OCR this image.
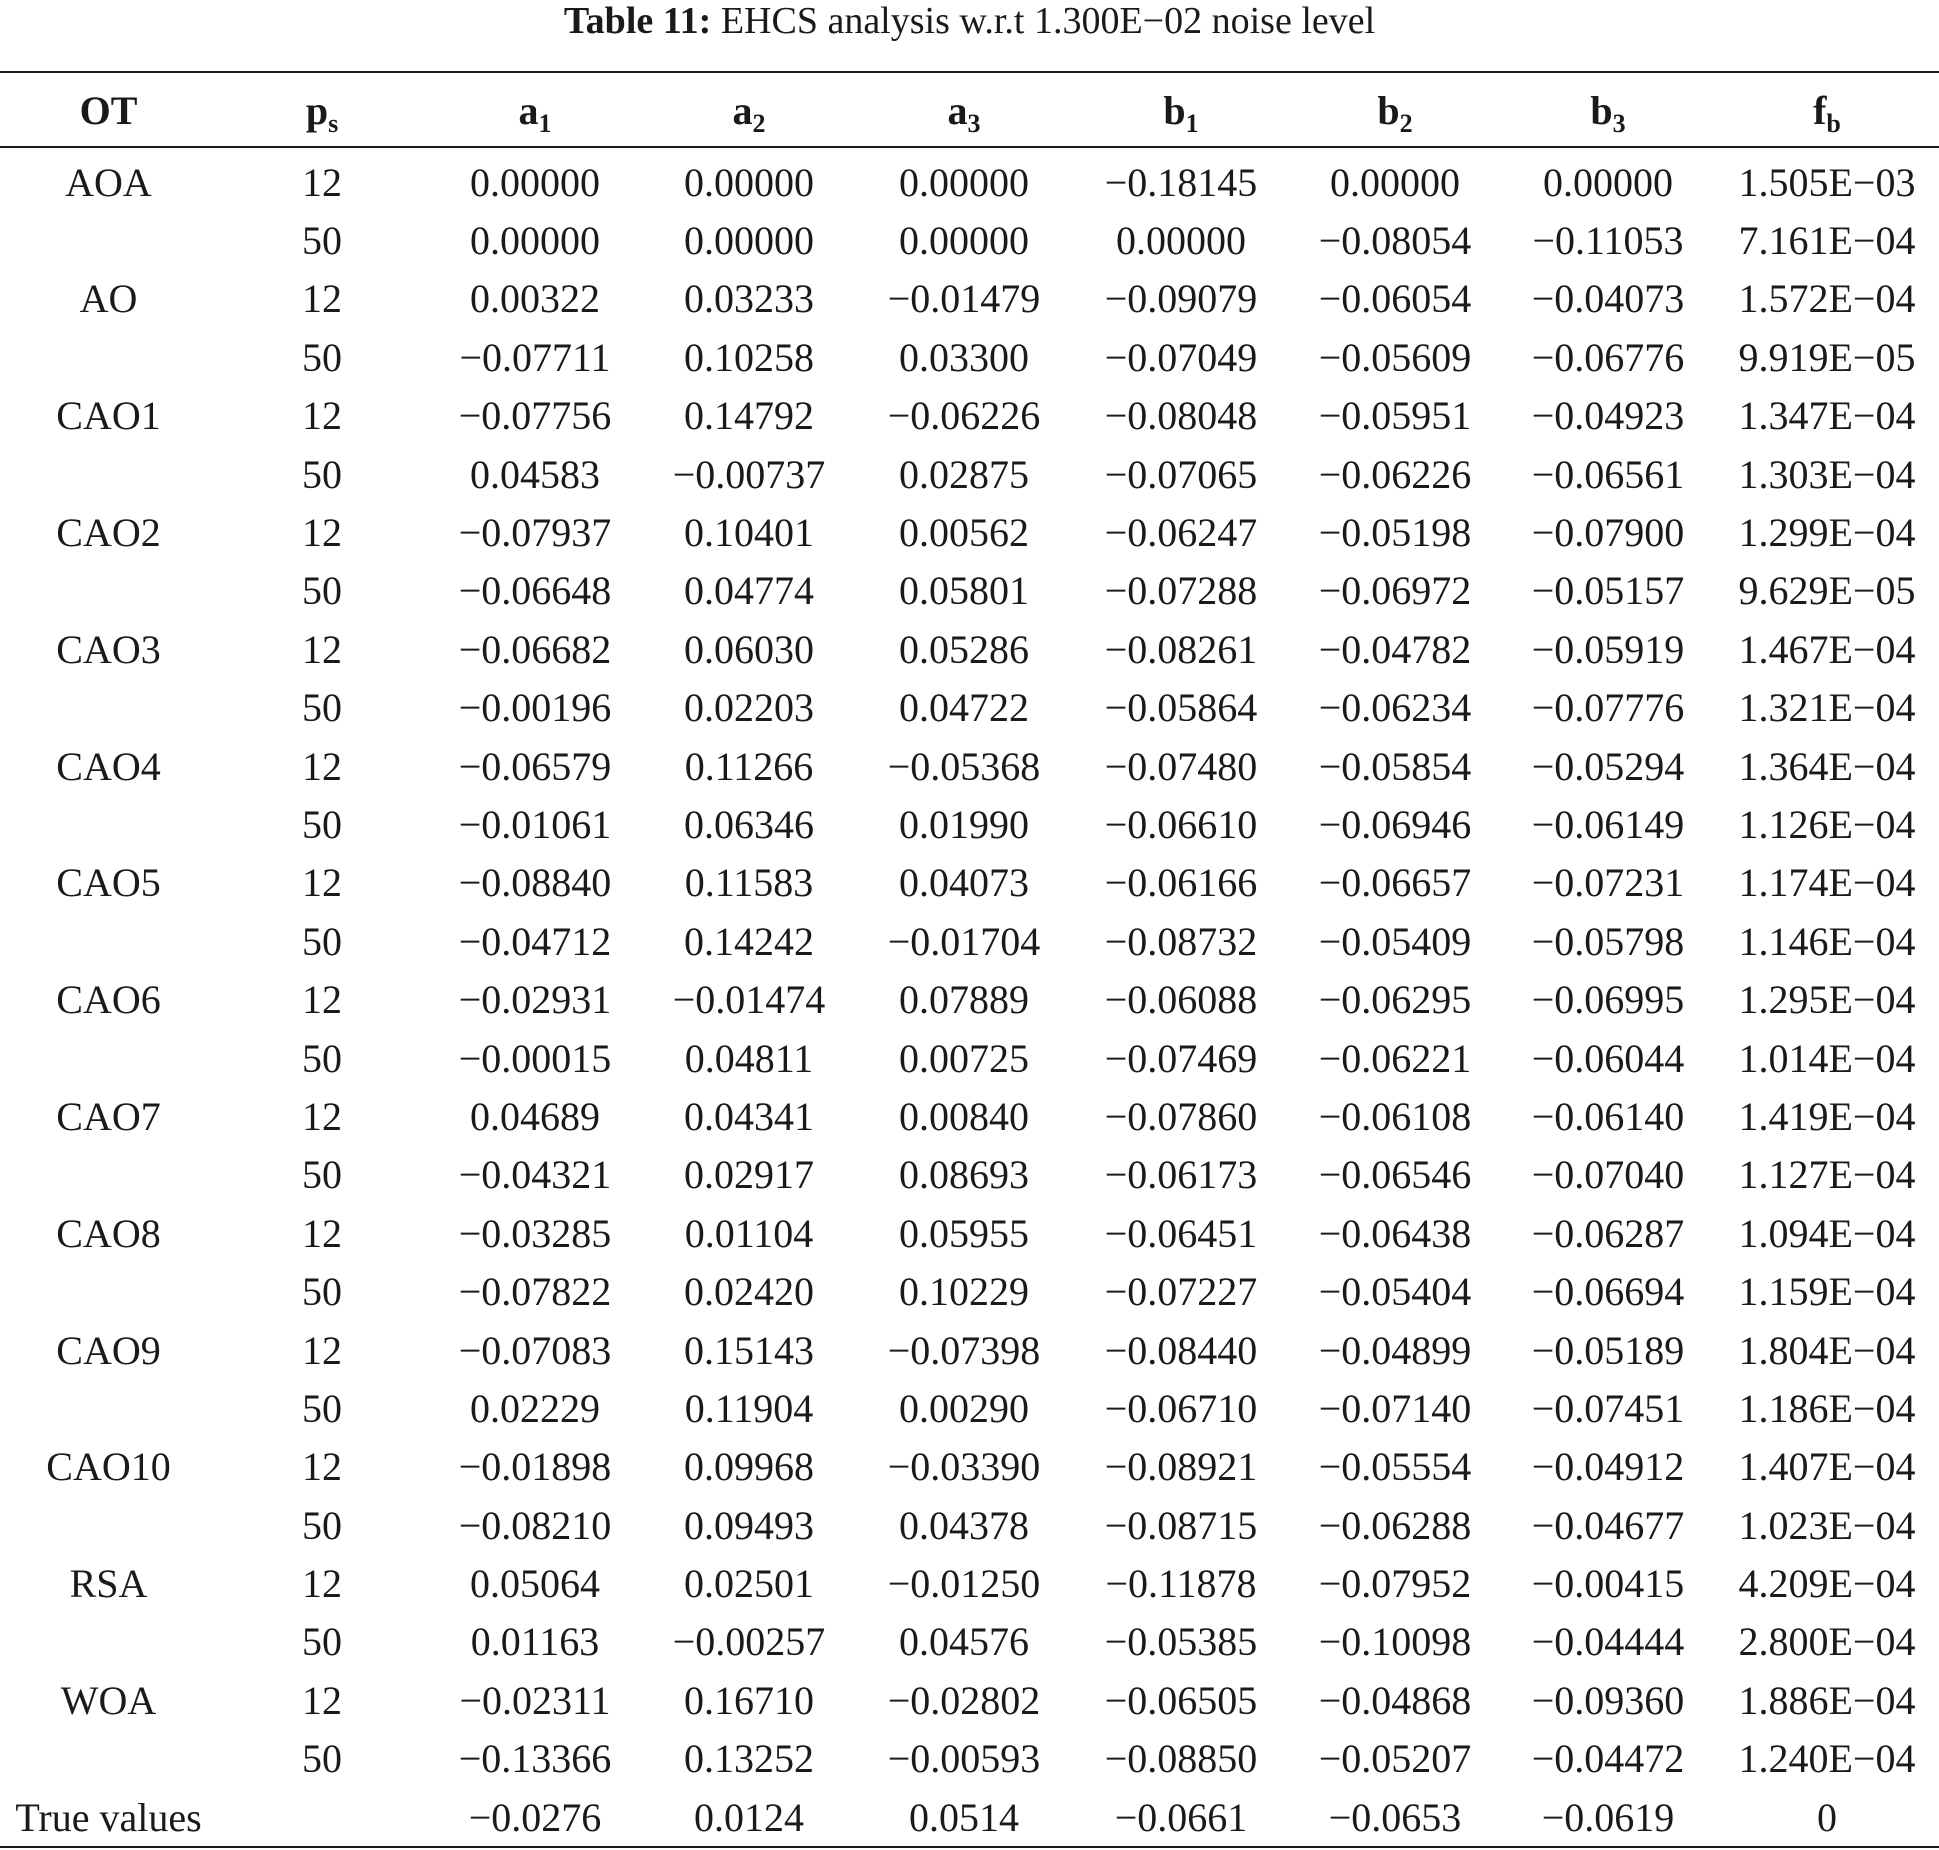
Table 11: EHCS analysis w.r.t 1.300E−02 noise level
OT	$p_s$	$a_1$	$a_2$	$a_3$	$b_1$	$b_2$	$b_3$	$f_b$

AOA	12	0.00000	0.00000	0.00000	−0.18145	0.00000	0.00000	1.505E−03
	50	0.00000	0.00000	0.00000	0.00000	−0.08054	−0.11053	7.161E−04
AO	12	0.00322	0.03233	−0.01479	−0.09079	−0.06054	−0.04073	1.572E−04
	50	−0.07711	0.10258	0.03300	−0.07049	−0.05609	−0.06776	9.919E−05
CAO1	12	−0.07756	0.14792	−0.06226	−0.08048	−0.05951	−0.04923	1.347E−04
	50	0.04583	−0.00737	0.02875	−0.07065	−0.06226	−0.06561	1.303E−04
CAO2	12	−0.07937	0.10401	0.00562	−0.06247	−0.05198	−0.07900	1.299E−04
	50	−0.06648	0.04774	0.05801	−0.07288	−0.06972	−0.05157	9.629E−05
CAO3	12	−0.06682	0.06030	0.05286	−0.08261	−0.04782	−0.05919	1.467E−04
	50	−0.00196	0.02203	0.04722	−0.05864	−0.06234	−0.07776	1.321E−04
CAO4	12	−0.06579	0.11266	−0.05368	−0.07480	−0.05854	−0.05294	1.364E−04
	50	−0.01061	0.06346	0.01990	−0.06610	−0.06946	−0.06149	1.126E−04
CAO5	12	−0.08840	0.11583	0.04073	−0.06166	−0.06657	−0.07231	1.174E−04
	50	−0.04712	0.14242	−0.01704	−0.08732	−0.05409	−0.05798	1.146E−04
CAO6	12	−0.02931	−0.01474	0.07889	−0.06088	−0.06295	−0.06995	1.295E−04
	50	−0.00015	0.04811	0.00725	−0.07469	−0.06221	−0.06044	1.014E−04
CAO7	12	0.04689	0.04341	0.00840	−0.07860	−0.06108	−0.06140	1.419E−04
	50	−0.04321	0.02917	0.08693	−0.06173	−0.06546	−0.07040	1.127E−04
CAO8	12	−0.03285	0.01104	0.05955	−0.06451	−0.06438	−0.06287	1.094E−04
	50	−0.07822	0.02420	0.10229	−0.07227	−0.05404	−0.06694	1.159E−04
CAO9	12	−0.07083	0.15143	−0.07398	−0.08440	−0.04899	−0.05189	1.804E−04
	50	0.02229	0.11904	0.00290	−0.06710	−0.07140	−0.07451	1.186E−04
CAO10	12	−0.01898	0.09968	−0.03390	−0.08921	−0.05554	−0.04912	1.407E−04
	50	−0.08210	0.09493	0.04378	−0.08715	−0.06288	−0.04677	1.023E−04
RSA	12	0.05064	0.02501	−0.01250	−0.11878	−0.07952	−0.00415	4.209E−04
	50	0.01163	−0.00257	0.04576	−0.05385	−0.10098	−0.04444	2.800E−04
WOA	12	−0.02311	0.16710	−0.02802	−0.06505	−0.04868	−0.09360	1.886E−04
	50	−0.13366	0.13252	−0.00593	−0.08850	−0.05207	−0.04472	1.240E−04
True values		−0.0276	0.0124	0.0514	−0.0661	−0.0653	−0.0619	0
